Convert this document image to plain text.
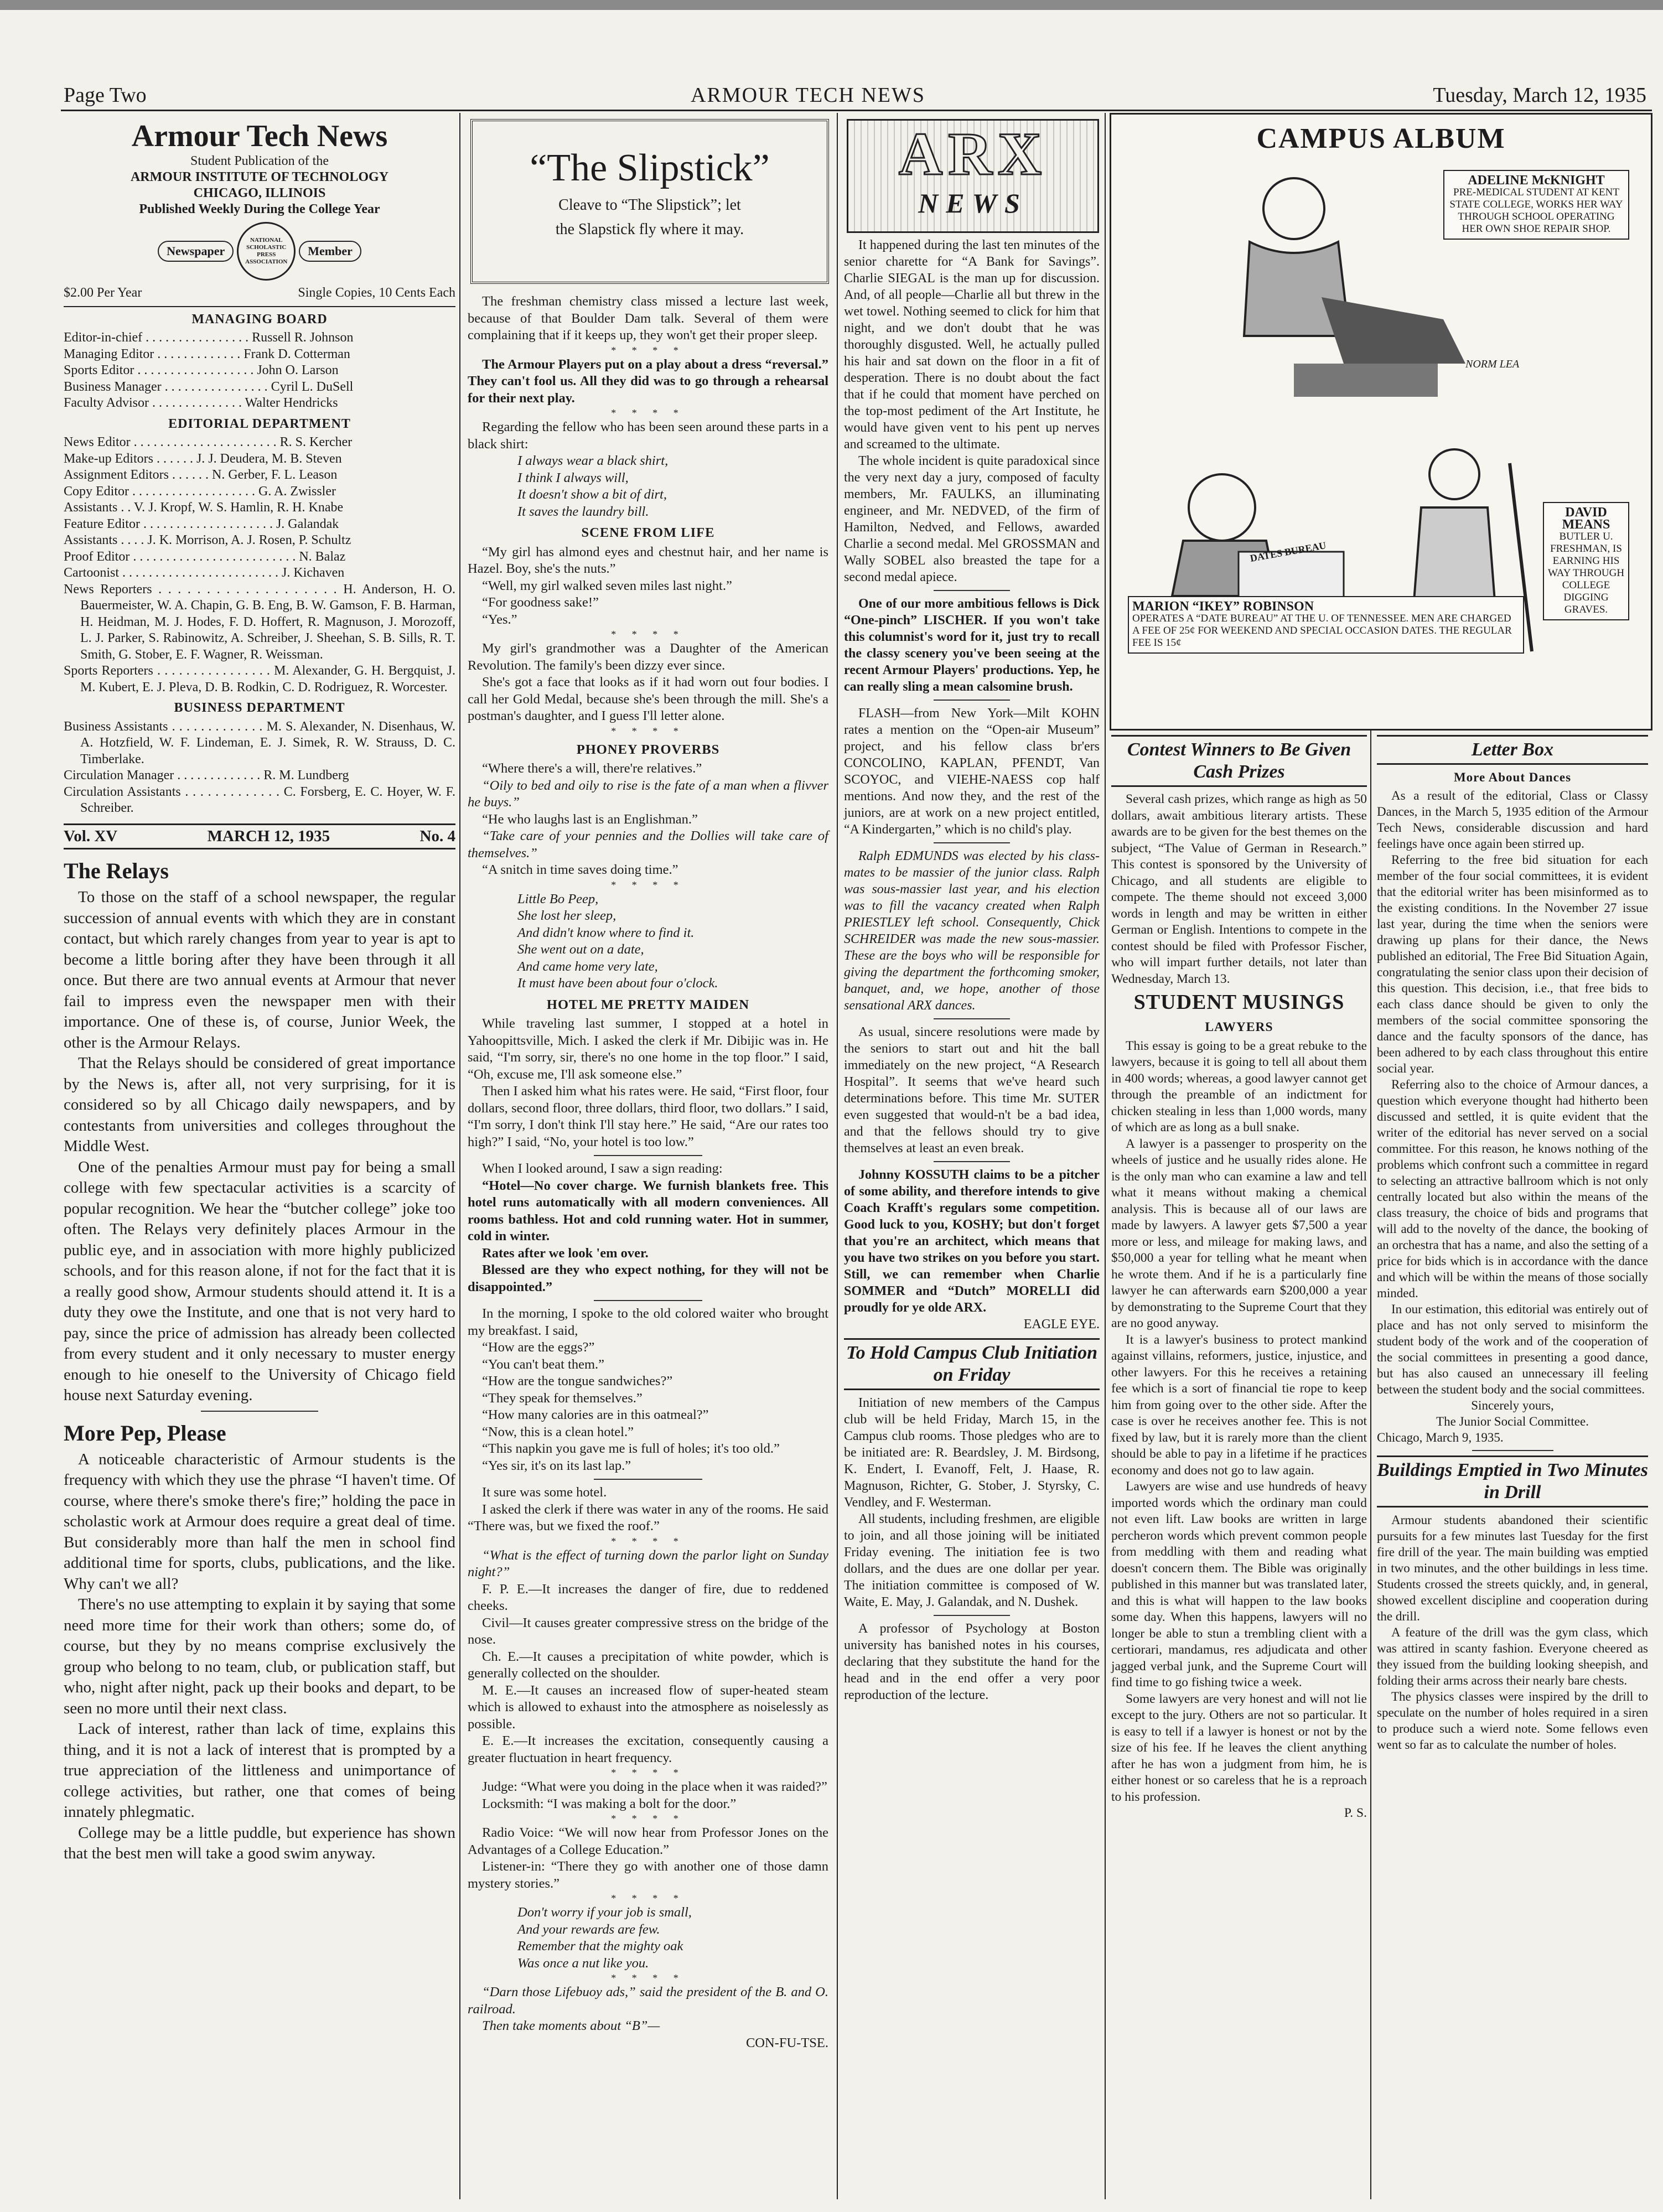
Page Two	ARMOUR TECH NEWS	Tuesday, March 12, 1935
Armour Tech News
Student Publication of the
ARMOUR INSTITUTE OF TECHNOLOGY
CHICAGO, ILLINOIS
Published Weekly During the College Year
Newspaper
NATIONAL SCHOLASTIC PRESS ASSOCIATION
Member
$2.00 Per Year	Single Copies, 10 Cents Each

MANAGING BOARD

Editor-in-chief . . . . . . . . . . . . . . . . Russell R. Johnson

Managing Editor . . . . . . . . . . . . . Frank D. Cotterman

Sports Editor . . . . . . . . . . . . . . . . . . John O. Larson

Business Manager . . . . . . . . . . . . . . . . Cyril L. DuSell

Faculty Advisor . . . . . . . . . . . . . . Walter Hendricks

EDITORIAL DEPARTMENT

News Editor . . . . . . . . . . . . . . . . . . . . . . R. S. Kercher

Make-up Editors . . . . . . J. J. Deudera, M. B. Steven

Assignment Editors . . . . . . N. Gerber, F. L. Leason

Copy Editor . . . . . . . . . . . . . . . . . . . G. A. Zwissler

Assistants . . V. J. Kropf, W. S. Hamlin, R. H. Knabe

Feature Editor . . . . . . . . . . . . . . . . . . . . J. Galandak

Assistants . . . . J. K. Morrison, A. J. Rosen, P. Schultz

Proof Editor . . . . . . . . . . . . . . . . . . . . . . . . . N. Balaz

Cartoonist . . . . . . . . . . . . . . . . . . . . . . . . J. Kichaven

News Reporters . . . . . . . . . . . . . . . . . . . H. Anderson, H. O. Bauermeister, W. A. Chapin, G. B. Eng, B. W. Gamson, F. B. Harman, H. Heidman, M. J. Hodes, F. D. Hoffert, R. Magnuson, J. Morozoff, L. J. Parker, S. Rabinowitz, A. Schreiber, J. Sheehan, S. B. Sills, R. T. Smith, G. Stober, E. F. Wagner, R. Weissman.

Sports Reporters . . . . . . . . . . . . . . . . M. Alexander, G. H. Bergquist, J. M. Kubert, E. J. Pleva, D. B. Rodkin, C. D. Rodriguez, R. Worcester.

BUSINESS DEPARTMENT

Business Assistants . . . . . . . . . . . . . M. S. Alexander, N. Disenhaus, W. A. Hotzfield, W. F. Lindeman, E. J. Simek, R. W. Strauss, D. C. Timberlake.

Circulation Manager . . . . . . . . . . . . . R. M. Lundberg

Circulation Assistants . . . . . . . . . . . . . C. Forsberg, E. C. Hoyer, W. F. Schreiber.

Vol. XV	MARCH 12, 1935	No. 4

The Relays

To those on the staff of a school newspaper, the regular succession of annual events with which they are in constant contact, but which rarely changes from year to year is apt to become a little boring after they have been through it all once. But there are two annual events at Armour that never fail to impress even the newspaper men with their importance. One of these is, of course, Junior Week, the other is the Armour Relays.

That the Relays should be considered of great importance by the News is, after all, not very surprising, for it is considered so by all Chicago daily newspapers, and by contestants from universities and colleges throughout the Middle West.

One of the penalties Armour must pay for being a small college with few spectacular activities is a scarcity of popular recognition. We hear the “butcher college” joke too often. The Relays very definitely places Armour in the public eye, and in association with more highly publicized schools, and for this reason alone, if not for the fact that it is a really good show, Armour students should attend it. It is a duty they owe the Institute, and one that is not very hard to pay, since the price of admission has already been collected from every student and it only necessary to muster energy enough to hie oneself to the University of Chicago field house next Saturday evening.

More Pep, Please

A noticeable characteristic of Armour students is the frequency with which they use the phrase “I haven't time. Of course, where there's smoke there's fire;” holding the pace in scholastic work at Armour does require a great deal of time. But considerably more than half the men in school find additional time for sports, clubs, publications, and the like. Why can't we all?

There's no use attempting to explain it by saying that some need more time for their work than others; some do, of course, but they by no means comprise exclusively the group who belong to no team, club, or publication staff, but who, night after night, pack up their books and depart, to be seen no more until their next class.

Lack of interest, rather than lack of time, explains this thing, and it is not a lack of interest that is prompted by a true appreciation of the littleness and unimportance of college activities, but rather, one that comes of being innately phlegmatic.

College may be a little puddle, but experience has shown that the best men will take a good swim anyway.

“The Slipstick”
Cleave to “The Slipstick”; let
the Slapstick fly where it may.

The freshman chemistry class missed a lecture last week, because of that Boulder Dam talk. Several of them were complaining that if it keeps up, they won't get their proper sleep.

* * * *

The Armour Players put on a play about a dress “reversal.” They can't fool us. All they did was to go through a rehearsal for their next play.

* * * *

Regarding the fellow who has been seen around these parts in a black shirt:

I always wear a black shirt,

I think I always will,

It doesn't show a bit of dirt,

It saves the laundry bill.

SCENE FROM LIFE

“My girl has almond eyes and chestnut hair, and her name is Hazel. Boy, she's the nuts.”

“Well, my girl walked seven miles last night.”

“For goodness sake!”

“Yes.”

* * * *

My girl's grandmother was a Daughter of the American Revolution. The family's been dizzy ever since.

She's got a face that looks as if it had worn out four bodies. I call her Gold Medal, because she's been through the mill. She's a postman's daughter, and I guess I'll letter alone.

* * * *

PHONEY PROVERBS

“Where there's a will, there're relatives.”

“Oily to bed and oily to rise is the fate of a man when a flivver he buys.”

“He who laughs last is an Englishman.”

“Take care of your pennies and the Dollies will take care of themselves.”

“A snitch in time saves doing time.”

* * * *

Little Bo Peep,

She lost her sleep,

And didn't know where to find it.

She went out on a date,

And came home very late,

It must have been about four o'clock.

HOTEL ME PRETTY MAIDEN

While traveling last summer, I stopped at a hotel in Yahoopittsville, Mich. I asked the clerk if Mr. Dibijic was in. He said, “I'm sorry, sir, there's no one home in the top floor.” I said, “Oh, excuse me, I'll ask someone else.”

Then I asked him what his rates were. He said, “First floor, four dollars, second floor, three dollars, third floor, two dollars.” I said, “I'm sorry, I don't think I'll stay here.” He said, “Are our rates too high?” I said, “No, your hotel is too low.”

When I looked around, I saw a sign reading:

“Hotel—No cover charge. We furnish blankets free. This hotel runs automatically with all modern conveniences. All rooms bathless. Hot and cold running water. Hot in summer, cold in winter.

Rates after we look 'em over.

Blessed are they who expect nothing, for they will not be disappointed.”

In the morning, I spoke to the old colored waiter who brought my breakfast. I said,

“How are the eggs?”

“You can't beat them.”

“How are the tongue sandwiches?”

“They speak for themselves.”

“How many calories are in this oatmeal?”

“Now, this is a clean hotel.”

“This napkin you gave me is full of holes; it's too old.”

“Yes sir, it's on its last lap.”

It sure was some hotel.

I asked the clerk if there was water in any of the rooms. He said “There was, but we fixed the roof.”

* * * *

“What is the effect of turning down the parlor light on Sunday night?”

F. P. E.—It increases the danger of fire, due to reddened cheeks.

Civil—It causes greater compressive stress on the bridge of the nose.

Ch. E.—It causes a precipitation of white powder, which is generally collected on the shoulder.

M. E.—It causes an increased flow of super-heated steam which is allowed to exhaust into the atmosphere as noiselessly as possible.

E. E.—It increases the excitation, consequently causing a greater fluctuation in heart frequency.

* * * *

Judge: “What were you doing in the place when it was raided?”

Locksmith: “I was making a bolt for the door.”

* * * *

Radio Voice: “We will now hear from Professor Jones on the Advantages of a College Education.”

Listener-in: “There they go with another one of those damn mystery stories.”

* * * *

Don't worry if your job is small,

And your rewards are few.

Remember that the mighty oak

Was once a nut like you.

* * * *

“Darn those Lifebuoy ads,” said the president of the B. and O. railroad.

Then take moments about “B”—

CON-FU-TSE.

ARX
NEWS

It happened during the last ten minutes of the senior charette for “A Bank for Savings”. Charlie SIEGAL is the man up for discussion. And, of all people—Charlie all but threw in the wet towel. Nothing seemed to click for him that night, and we don't doubt that he was thoroughly disgusted. Well, he actually pulled his hair and sat down on the floor in a fit of desperation. There is no doubt about the fact that if he could that moment have perched on the top-most pediment of the Art Institute, he would have given vent to his pent up nerves and screamed to the ultimate.

The whole incident is quite paradoxical since the very next day a jury, composed of faculty members, Mr. FAULKS, an illuminating engineer, and Mr. NEDVED, of the firm of Hamilton, Nedved, and Fellows, awarded Charlie a second medal. Mel GROSSMAN and Wally SOBEL also breasted the tape for a second medal apiece.

One of our more ambitious fellows is Dick “One-pinch” LISCHER. If you won't take this columnist's word for it, just try to recall the classy scenery you've been seeing at the recent Armour Players' productions. Yep, he can really sling a mean calsomine brush.

FLASH—from New York—Milt KOHN rates a mention on the “Open-air Museum” project, and his fellow class br'ers CONCOLINO, KAPLAN, PFENDT, Van SCOYOC, and VIEHE-NAESS cop half mentions. And now they, and the rest of the juniors, are at work on a new project entitled, “A Kindergarten,” which is no child's play.

Ralph EDMUNDS was elected by his class-mates to be massier of the junior class. Ralph was sous-massier last year, and his election was to fill the vacancy created when Ralph PRIESTLEY left school. Consequently, Chick SCHREIDER was made the new sous-massier. These are the boys who will be responsible for giving the department the forthcoming smoker, banquet, and, we hope, another of those sensational ARX dances.

As usual, sincere resolutions were made by the seniors to start out and hit the ball immediately on the new project, “A Research Hospital”. It seems that we've heard such determinations before. This time Mr. SUTER even suggested that would-n't be a bad idea, and that the fellows should try to give themselves at least an even break.

Johnny KOSSUTH claims to be a pitcher of some ability, and therefore intends to give Coach Krafft's regulars some competition. Good luck to you, KOSHY; but don't forget that you're an architect, which means that you have two strikes on you before you start. Still, we can remember when Charlie SOMMER and “Dutch” MORELLI did proudly for ye olde ARX.

EAGLE EYE.

To Hold Campus Club Initiation on Friday

Initiation of new members of the Campus club will be held Friday, March 15, in the Campus club rooms. Those pledges who are to be initiated are: R. Beardsley, J. M. Birdsong, K. Endert, I. Evanoff, Felt, J. Haase, R. Magnuson, Richter, G. Stober, J. Styrsky, C. Vendley, and F. Westerman.

All students, including freshmen, are eligible to join, and all those joining will be initiated Friday evening. The initiation fee is two dollars, and the dues are one dollar per year. The initiation committee is composed of W. Waite, E. May, J. Galandak, and N. Dushek.

A professor of Psychology at Boston university has banished notes in his courses, declaring that they substitute the hand for the head and in the end offer a very poor reproduction of the lecture.

CAMPUS ALBUM
DATES BUREAU
NORM LEA
ADELINE McKNIGHT
PRE-MEDICAL STUDENT AT KENT STATE COLLEGE, WORKS HER WAY THROUGH SCHOOL OPERATING HER OWN SHOE REPAIR SHOP.
DAVID MEANS
BUTLER U. FRESHMAN, IS EARNING HIS WAY THROUGH COLLEGE DIGGING GRAVES.
MARION “IKEY” ROBINSON
OPERATES A “DATE BUREAU” AT THE U. OF TENNESSEE. MEN ARE CHARGED A FEE OF 25¢ FOR WEEKEND AND SPECIAL OCCASION DATES. THE REGULAR FEE IS 15¢

Contest Winners to Be Given Cash Prizes

Several cash prizes, which range as high as 50 dollars, await ambitious literary artists. These awards are to be given for the best themes on the subject, “The Value of German in Research.” This contest is sponsored by the University of Chicago, and all students are eligible to compete. The theme should not exceed 3,000 words in length and may be written in either German or English. Intentions to compete in the contest should be filed with Professor Fischer, who will impart further details, not later than Wednesday, March 13.

STUDENT MUSINGS

LAWYERS

This essay is going to be a great rebuke to the lawyers, because it is going to tell all about them in 400 words; whereas, a good lawyer cannot get through the preamble of an indictment for chicken stealing in less than 1,000 words, many of which are as long as a bull snake.

A lawyer is a passenger to prosperity on the wheels of justice and he usually rides alone. He is the only man who can examine a law and tell what it means without making a chemical analysis. This is because all of our laws are made by lawyers. A lawyer gets $7,500 a year more or less, and mileage for making laws, and $50,000 a year for telling what he meant when he wrote them. And if he is a particularly fine lawyer he can afterwards earn $200,000 a year by demonstrating to the Supreme Court that they are no good anyway.

It is a lawyer's business to protect mankind against villains, reformers, justice, injustice, and other lawyers. For this he receives a retaining fee which is a sort of financial tie rope to keep him from going over to the other side. After the case is over he receives another fee. This is not fixed by law, but it is rarely more than the client should be able to pay in a lifetime if he practices economy and does not go to law again.

Lawyers are wise and use hundreds of heavy imported words which the ordinary man could not even lift. Law books are written in large percheron words which prevent common people from meddling with them and reading what doesn't concern them. The Bible was originally published in this manner but was translated later, and this is what will happen to the law books some day. When this happens, lawyers will no longer be able to stun a trembling client with a certiorari, mandamus, res adjudicata and other jagged verbal junk, and the Supreme Court will find time to go fishing twice a week.

Some lawyers are very honest and will not lie except to the jury. Others are not so particular. It is easy to tell if a lawyer is honest or not by the size of his fee. If he leaves the client anything after he has won a judgment from him, he is either honest or so careless that he is a reproach to his profession.

P. S.

Letter Box

More About Dances

As a result of the editorial, Class or Classy Dances, in the March 5, 1935 edition of the Armour Tech News, considerable discussion and hard feelings have once again been stirred up.

Referring to the free bid situation for each member of the four social committees, it is evident that the editorial writer has been misinformed as to the existing conditions. In the November 27 issue last year, during the time when the seniors were drawing up plans for their dance, the News published an editorial, The Free Bid Situation Again, congratulating the senior class upon their decision of this question. This decision, i.e., that free bids to each class dance should be given to only the members of the social committee sponsoring the dance and the faculty sponsors of the dance, has been adhered to by each class throughout this entire social year.

Referring also to the choice of Armour dances, a question which everyone thought had hitherto been discussed and settled, it is quite evident that the writer of the editorial has never served on a social committee. For this reason, he knows nothing of the problems which confront such a committee in regard to selecting an attractive ballroom which is not only centrally located but also within the means of the class treasury, the choice of bids and programs that will add to the novelty of the dance, the booking of an orchestra that has a name, and also the setting of a price for bids which is in accordance with the dance and which will be within the means of those socially minded.

In our estimation, this editorial was entirely out of place and has not only served to misinform the student body of the work and of the cooperation of the social committees in presenting a good dance, but has also caused an unnecessary ill feeling between the student body and the social committees.

Sincerely yours,

The Junior Social Committee.

Chicago, March 9, 1935.

Buildings Emptied in Two Minutes in Drill

Armour students abandoned their scientific pursuits for a few minutes last Tuesday for the first fire drill of the year. The main building was emptied in two minutes, and the other buildings in less time. Students crossed the streets quickly, and, in general, showed excellent discipline and cooperation during the drill.

A feature of the drill was the gym class, which was attired in scanty fashion. Everyone cheered as they issued from the building looking sheepish, and folding their arms across their nearly bare chests.

The physics classes were inspired by the drill to speculate on the number of holes required in a siren to produce such a wierd note. Some fellows even went so far as to calculate the number of holes.
